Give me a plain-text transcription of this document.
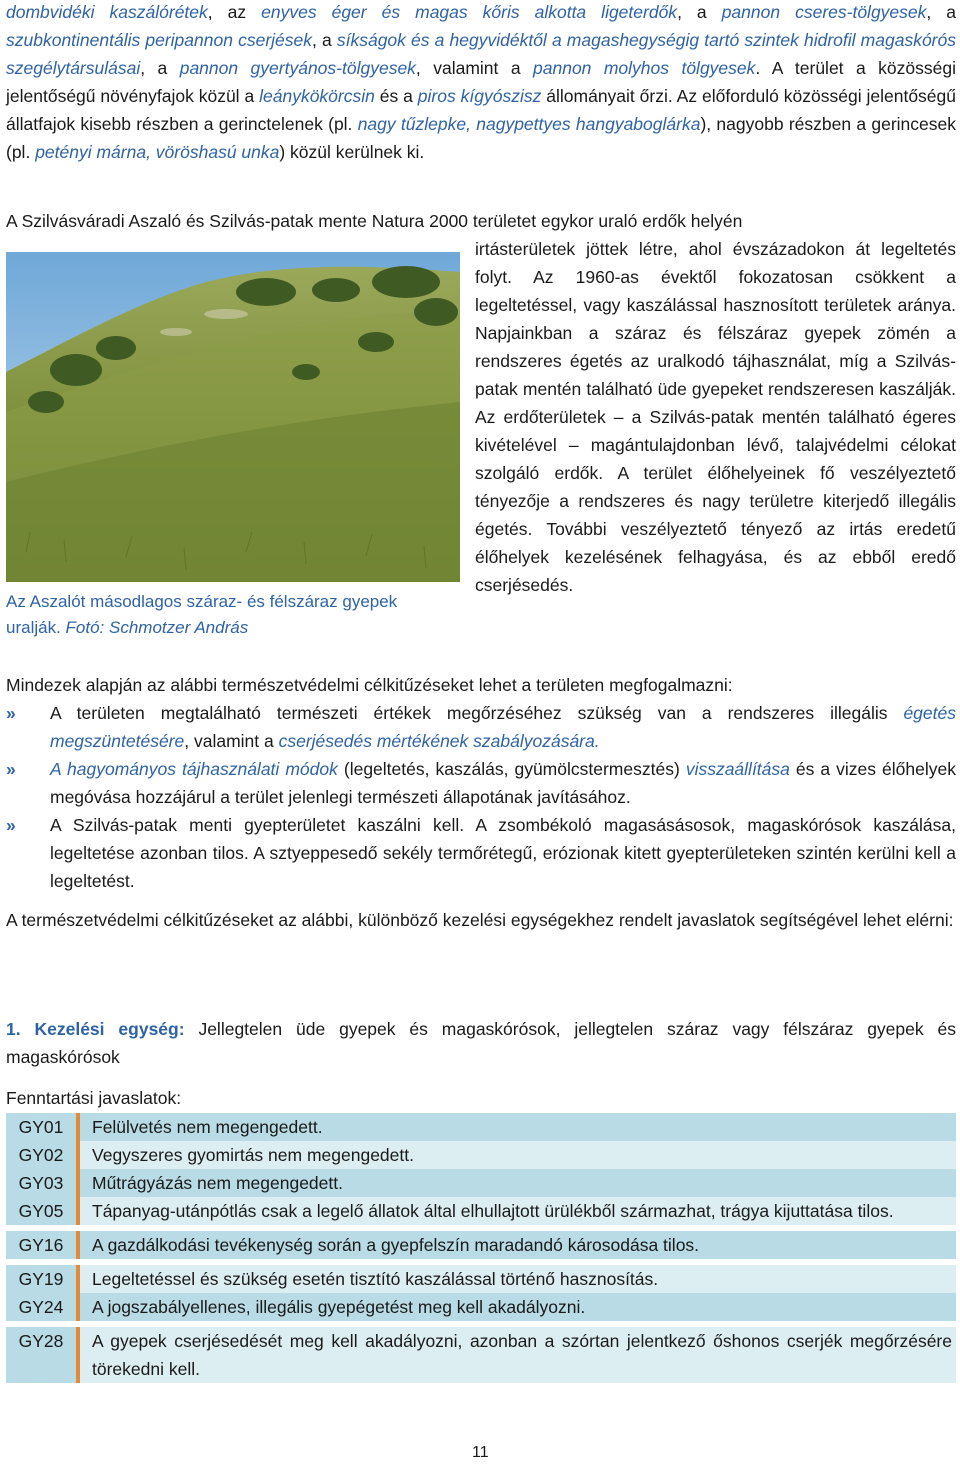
dombvidéki kaszálórétek, az enyves éger és magas kőris alkotta ligeterdők, a pannon cseres-tölgyesek, a szubkontinentális peripannon cserjések, a síkságok és a hegyvidéktől a magashegységig tartó szintek hidrofil magaskórós szegélytársulásai, a pannon gyertyános-tölgyesek, valamint a pannon molyhos tölgyesek. A terület a közösségi jelentőségű növényfajok közül a leánykökörcsin és a piros kígyószisz állományait őrzi. Az előforduló közösségi jelentőségű állatfajok kisebb részben a gerinctelenek (pl. nagy tűzlepke, nagypettyes hangyaboglárka), nagyobb részben a gerincesek (pl. petényi márna, vöröshasú unka) közül kerülnek ki.

A Szilvásváradi Aszaló és Szilvás-patak mente Natura 2000 területet egykor uraló erdők helyén

Az Aszalót másodlagos száraz- és félszáraz gyepek uralják. Fotó: Schmotzer András

irtásterületek jöttek létre, ahol évszázadokon át legeltetés folyt. Az 1960-as évektől fokozatosan csökkent a legeltetéssel, vagy kaszálással hasznosított területek aránya. Napjainkban a száraz és félszáraz gyepek zömén a rendszeres égetés az uralkodó tájhasználat, míg a Szilvás-patak mentén található üde gyepeket rendszeresen kaszálják. Az erdőterületek – a Szilvás-patak mentén található égeres kivételével – magántulajdonban lévő, talajvédelmi célokat szolgáló erdők. A terület élőhelyeinek fő veszélyeztető tényezője a rendszeres és nagy területre kiterjedő illegális égetés. További veszélyeztető tényező az irtás eredetű élőhelyek kezelésének felhagyása, és az ebből eredő cserjésedés.

Mindezek alapján az alábbi természetvédelmi célkitűzéseket lehet a területen megfogalmazni:

» A területen megtalálható természeti értékek megőrzéséhez szükség van a rendszeres illegális égetés megszüntetésére, valamint a cserjésedés mértékének szabályozására.

» A hagyományos tájhasználati módok (legeltetés, kaszálás, gyümölcstermesztés) visszaállítása és a vizes élőhelyek megóvása hozzájárul a terület jelenlegi természeti állapotának javításához.

» A Szilvás-patak menti gyepterületet kaszálni kell. A zsombékoló magasásásosok, magaskórósok kaszálása, legeltetése azonban tilos. A sztyeppesedő sekély termőrétegű, erózionak kitett gyepterületeken szintén kerülni kell a legeltetést.

A természetvédelmi célkitűzéseket az alábbi, különböző kezelési egységekhez rendelt javaslatok segítségével lehet elérni:

1. Kezelési egység: Jellegtelen üde gyepek és magaskórósok, jellegtelen száraz vagy félszáraz gyepek és magaskórósok

Fenntartási javaslatok:

GY01	Felülvetés nem megengedett.
GY02	Vegyszeres gyomirtás nem megengedett.
GY03	Műtrágyázás nem megengedett.
GY05	Tápanyag-utánpótlás csak a legelő állatok által elhullajtott ürülékből származhat, trágya kijuttatása tilos.

GY16	A gazdálkodási tevékenység során a gyepfelszín maradandó károsodása tilos.

GY19	Legeltetéssel és szükség esetén tisztító kaszálással történő hasznosítás.
GY24	A jogszabályellenes, illegális gyepégetést meg kell akadályozni.

GY28	A gyepek cserjésedését meg kell akadályozni, azonban a szórtan jelentkező őshonos cserjék megőrzésére törekedni kell.
11
